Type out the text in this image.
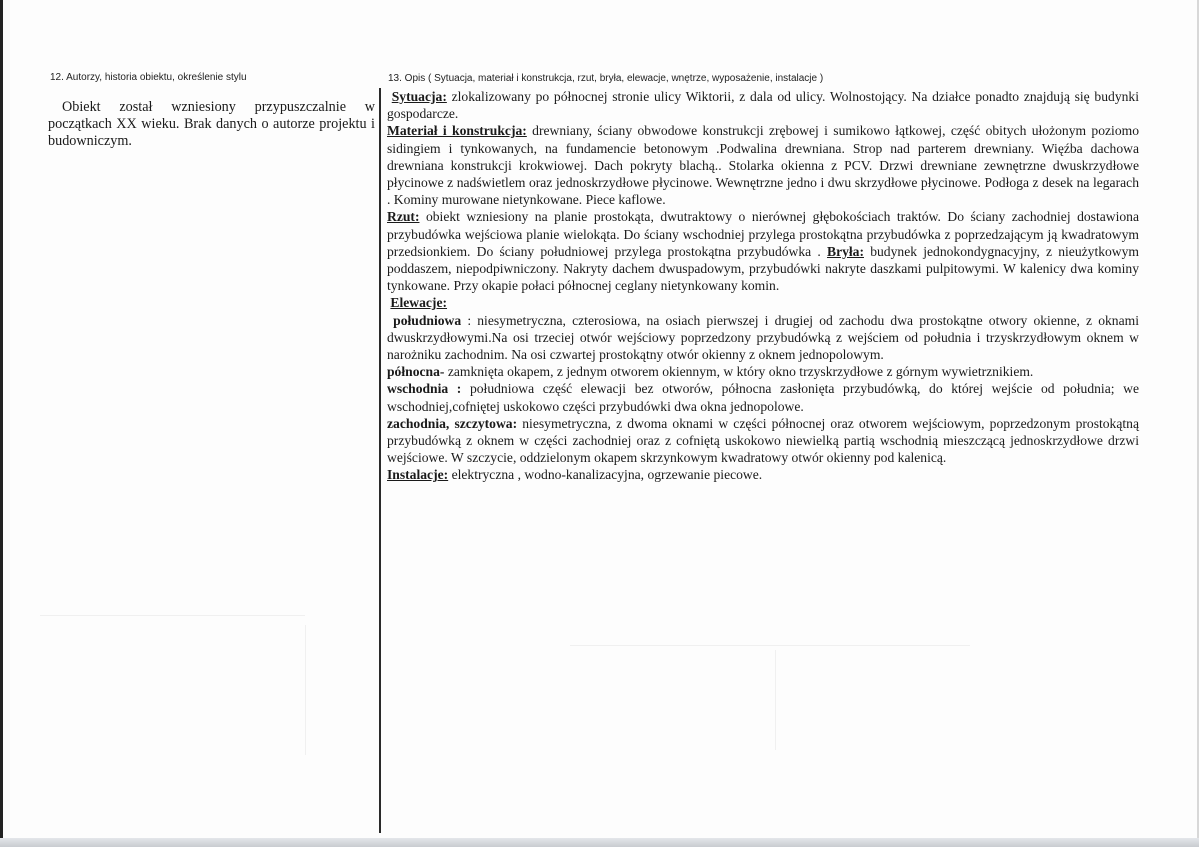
12. Autorzy, historia obiektu, określenie stylu
Obiekt został wzniesiony przypuszczalnie w początkach XX wieku. Brak danych o autorze projektu i budowniczym.
13. Opis ( Sytuacja, materiał i konstrukcja, rzut, bryła, elewacje, wnętrze, wyposażenie, instalacje )

Sytuacja: zlokalizowany po północnej stronie ulicy Wiktorii, z dala od ulicy. Wolnostojący. Na działce ponadto znajdują się budynki gospodarcze.

Materiał i konstrukcja: drewniany, ściany obwodowe konstrukcji zrębowej i sumikowo łątkowej, część obitych ułożonym poziomo sidingiem i tynkowanych, na fundamencie betonowym .Podwalina drewniana. Strop nad parterem drewniany. Więźba dachowa drewniana konstrukcji krokwiowej. Dach pokryty blachą.. Stolarka okienna z PCV. Drzwi drewniane zewnętrzne dwuskrzydłowe płycinowe z nadświetlem oraz jednoskrzydłowe płycinowe. Wewnętrzne jedno i dwu skrzydłowe płycinowe. Podłoga z desek na legarach . Kominy murowane nietynkowane. Piece kaflowe.

Rzut: obiekt wzniesiony na planie prostokąta, dwutraktowy o nierównej głębokościach traktów. Do ściany zachodniej dostawiona przybudówka wejściowa planie wielokąta. Do ściany wschodniej przylega prostokątna przybudówka z poprzedzającym ją kwadratowym przedsionkiem. Do ściany południowej przylega prostokątna przybudówka . Bryła: budynek jednokondygnacyjny, z nieużytkowym poddaszem, niepodpiwniczony. Nakryty dachem dwuspadowym, przybudówki nakryte daszkami pulpitowymi. W kalenicy dwa kominy tynkowane. Przy okapie połaci północnej ceglany nietynkowany komin.

Elewacje:

południowa : niesymetryczna, czterosiowa, na osiach pierwszej i drugiej od zachodu dwa prostokątne otwory okienne, z oknami dwuskrzydłowymi.Na osi trzeciej otwór wejściowy poprzedzony przybudówką z wejściem od południa i trzyskrzydłowym oknem w narożniku zachodnim. Na osi czwartej prostokątny otwór okienny z oknem jednopolowym.

północna- zamknięta okapem, z jednym otworem okiennym, w który okno trzyskrzydłowe z górnym wywietrznikiem.

wschodnia : południowa część elewacji bez otworów, północna zasłonięta przybudówką, do której wejście od południa; we wschodniej,cofniętej uskokowo części przybudówki dwa okna jednopolowe.

zachodnia, szczytowa: niesymetryczna, z dwoma oknami w części północnej oraz otworem wejściowym, poprzedzonym prostokątną przybudówką z oknem w części zachodniej oraz z cofniętą uskokowo niewielką partią wschodnią mieszczącą jednoskrzydłowe drzwi wejściowe. W szczycie, oddzielonym okapem skrzynkowym kwadratowy otwór okienny pod kalenicą.

Instalacje: elektryczna , wodno-kanalizacyjna, ogrzewanie piecowe.
